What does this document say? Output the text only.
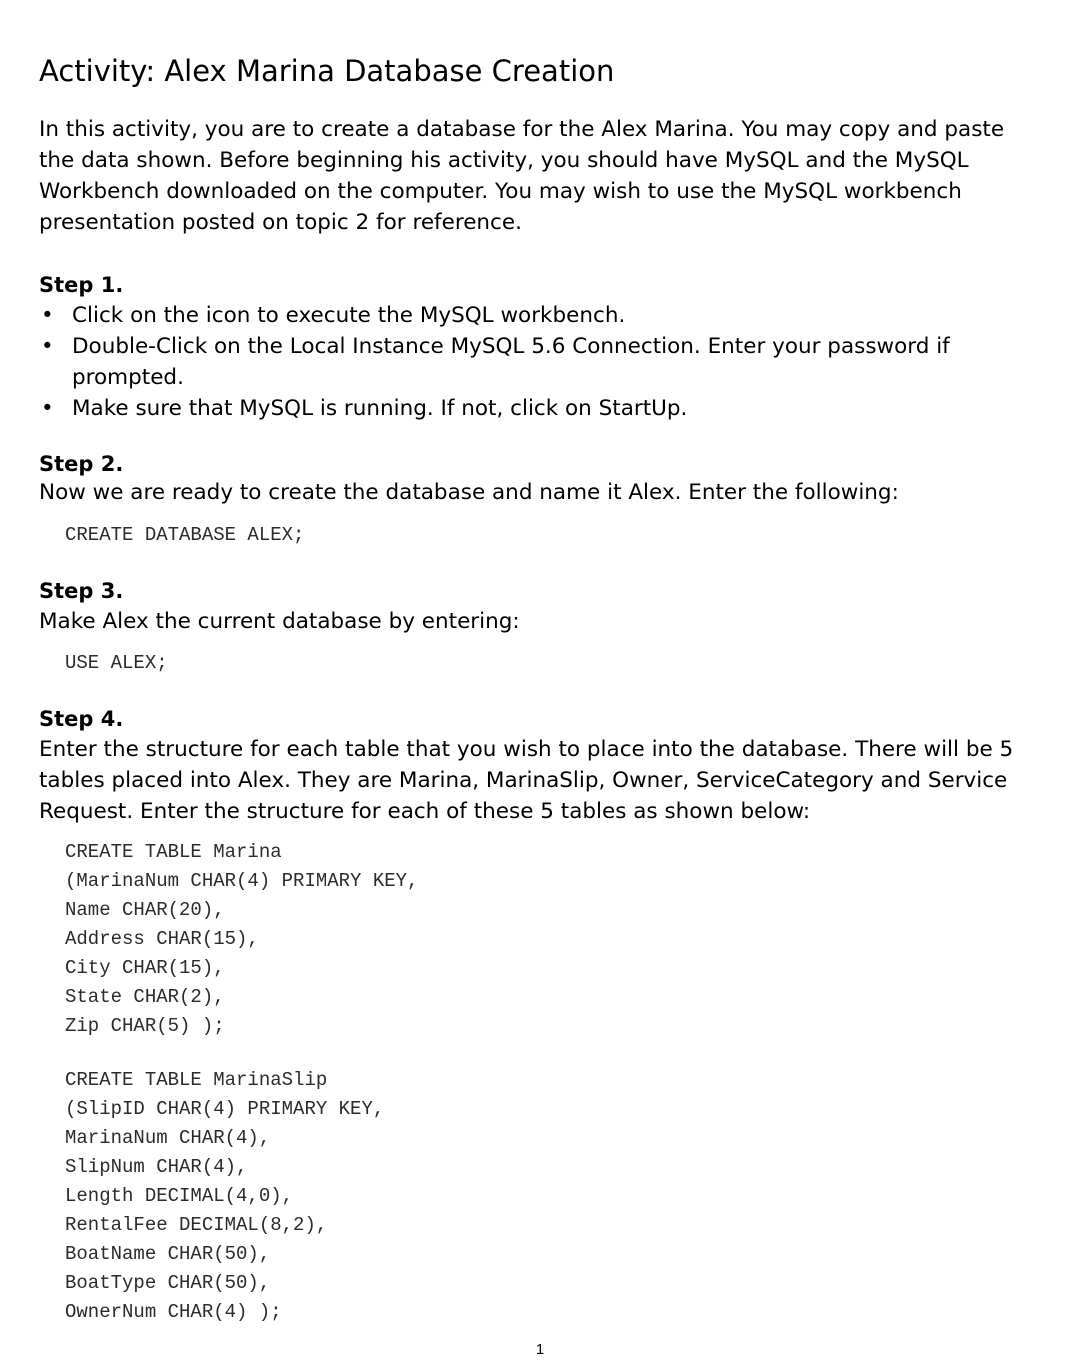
Activity: Alex Marina Database Creation

In this activity, you are to create a database for the Alex Marina. You may copy and paste the data shown. Before beginning his activity, you should have MySQL and the MySQL Workbench downloaded on the computer. You may wish to use the MySQL workbench presentation posted on topic 2 for reference.

Step 1.

• Click on the icon to execute the MySQL workbench.
• Double-Click on the Local Instance MySQL 5.6 Connection. Enter your password if prompted.
• Make sure that MySQL is running. If not, click on StartUp.

Step 2.

Now we are ready to create the database and name it Alex. Enter the following:

CREATE DATABASE ALEX;

Step 3.

Make Alex the current database by entering:

USE ALEX;

Step 4.

Enter the structure for each table that you wish to place into the database. There will be 5 tables placed into Alex. They are Marina, MarinaSlip, Owner, ServiceCategory and Service Request. Enter the structure for each of these 5 tables as shown below:

CREATE TABLE Marina
(MarinaNum CHAR(4) PRIMARY KEY,
Name CHAR(20),
Address CHAR(15),
City CHAR(15),
State CHAR(2),
Zip CHAR(5) );
CREATE TABLE MarinaSlip
(SlipID CHAR(4) PRIMARY KEY,
MarinaNum CHAR(4),
SlipNum CHAR(4),
Length DECIMAL(4,0),
RentalFee DECIMAL(8,2),
BoatName CHAR(50),
BoatType CHAR(50),
OwnerNum CHAR(4) );
1
